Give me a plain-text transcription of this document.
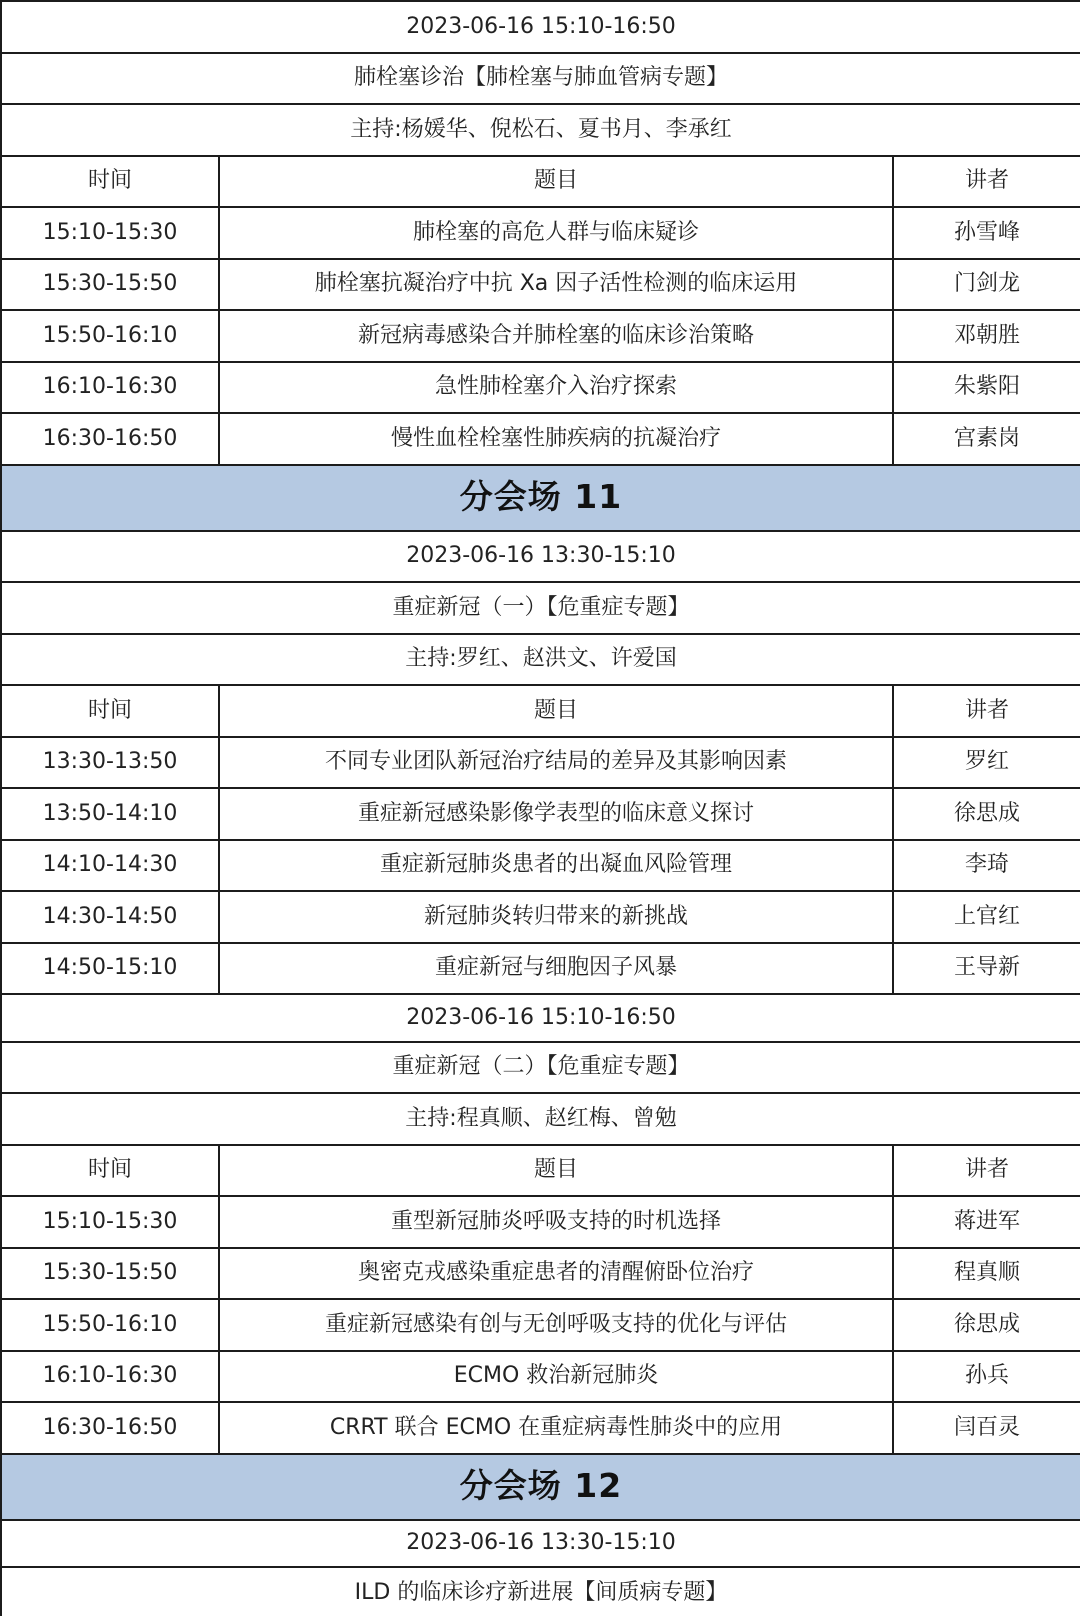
2023-06-16 15:10-16:50		
肺栓塞诊治【肺栓塞与肺血管病专题】		
主持:杨媛华、倪松石、夏书月、李承红		
时间	题目	讲者
15:10-15:30	肺栓塞的高危人群与临床疑诊	孙雪峰
15:30-15:50	肺栓塞抗凝治疗中抗 Xa 因子活性检测的临床运用	门剑龙
15:50-16:10	新冠病毒感染合并肺栓塞的临床诊治策略	邓朝胜
16:10-16:30	急性肺栓塞介入治疗探索	朱紫阳
16:30-16:50	慢性血栓栓塞性肺疾病的抗凝治疗	宫素岗
分会场 11		
2023-06-16 13:30-15:10		
重症新冠（一）【危重症专题】		
主持:罗红、赵洪文、许爱国		
时间	题目	讲者
13:30-13:50	不同专业团队新冠治疗结局的差异及其影响因素	罗红
13:50-14:10	重症新冠感染影像学表型的临床意义探讨	徐思成
14:10-14:30	重症新冠肺炎患者的出凝血风险管理	李琦
14:30-14:50	新冠肺炎转归带来的新挑战	上官红
14:50-15:10	重症新冠与细胞因子风暴	王导新
2023-06-16 15:10-16:50		
重症新冠（二）【危重症专题】		
主持:程真顺、赵红梅、曾勉		
时间	题目	讲者
15:10-15:30	重型新冠肺炎呼吸支持的时机选择	蒋进军
15:30-15:50	奥密克戎感染重症患者的清醒俯卧位治疗	程真顺
15:50-16:10	重症新冠感染有创与无创呼吸支持的优化与评估	徐思成
16:10-16:30	ECMO 救治新冠肺炎	孙兵
16:30-16:50	CRRT 联合 ECMO 在重症病毒性肺炎中的应用	闫百灵
分会场 12		
2023-06-16 13:30-15:10		
ILD 的临床诊疗新进展【间质病专题】		
